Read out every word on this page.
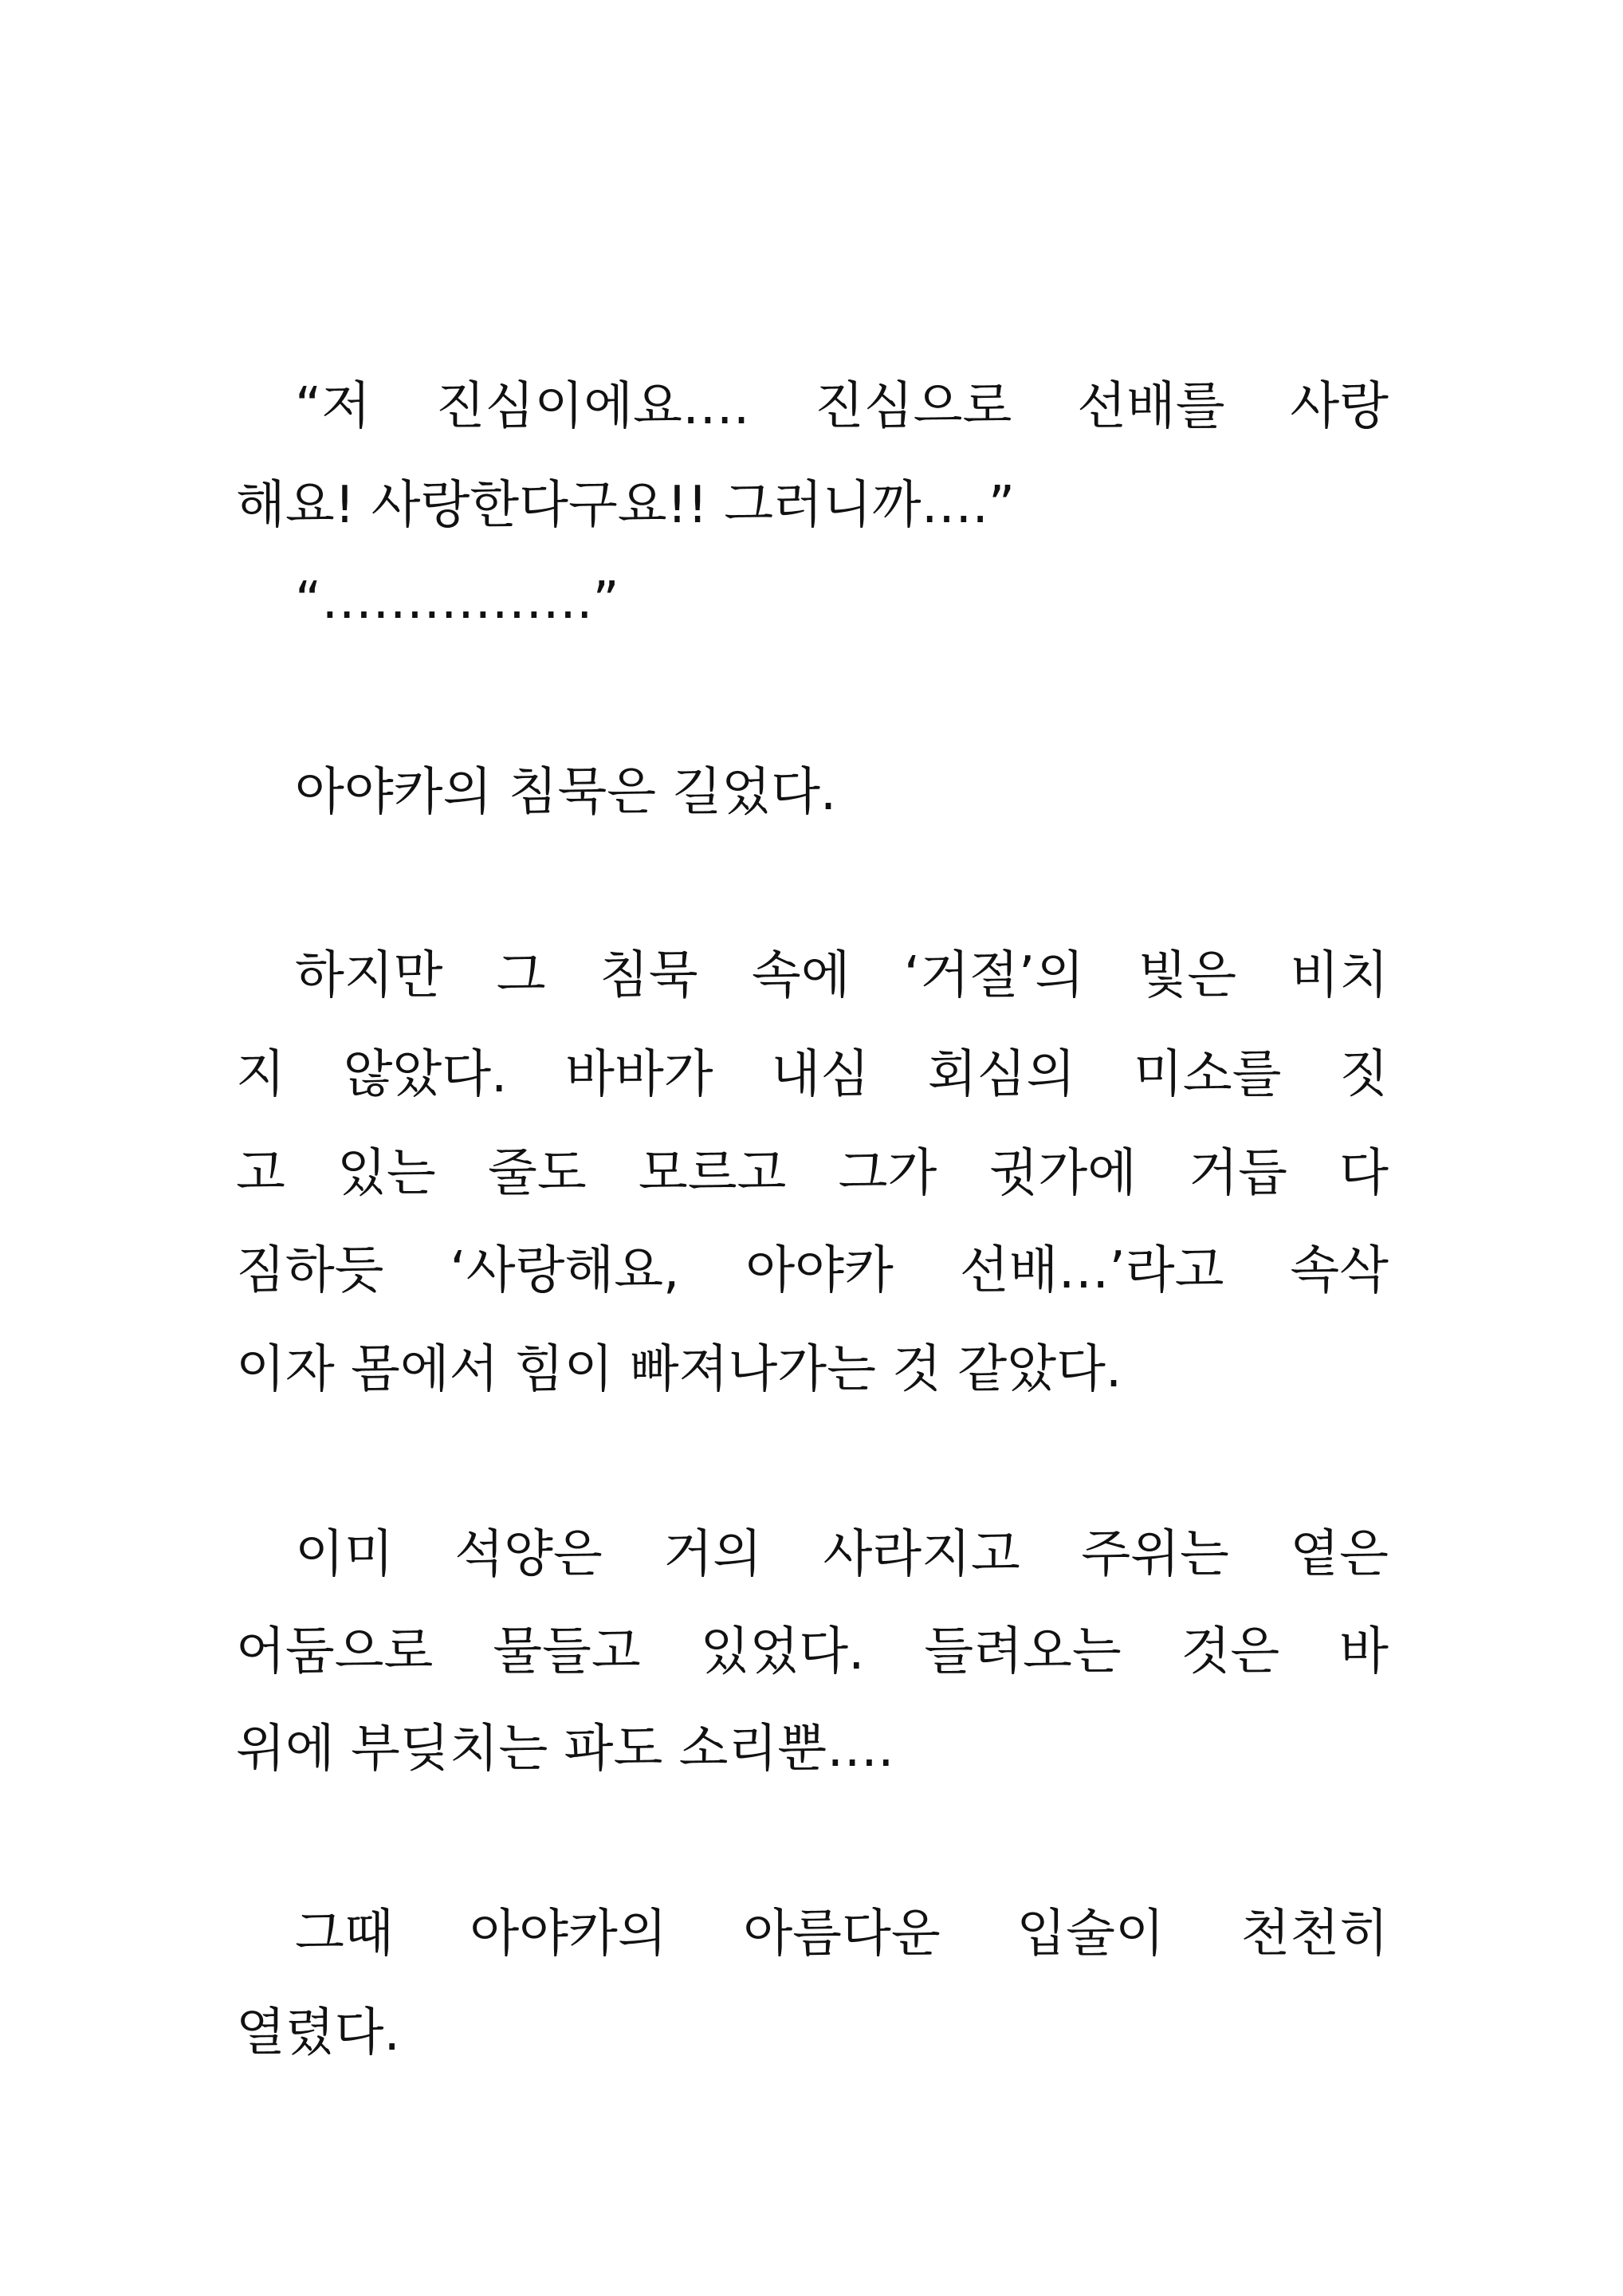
“저 진심이에요…. 진심으로 선배를 사랑
해요! 사랑한다구요!! 그러니까….”
“…………….”
아야카의 침묵은 길었다.
하지만 그 침묵 속에 ‘거절’의 빛은 비치
지 않았다. 바바가 내심 회심의 미소를 짓
고 있는 줄도 모르고 그가 귓가에 거듭 다
짐하듯 ‘사랑해요, 아야카 선배…’라고 속삭
이자 몸에서 힘이 빠져나가는 것 같았다.
이미 석양은 거의 사라지고 주위는 옅은
어둠으로 물들고 있었다. 들려오는 것은 바
위에 부딪치는 파도 소리뿐….
그때 아야카의 아름다운 입술이 천천히
열렸다.
